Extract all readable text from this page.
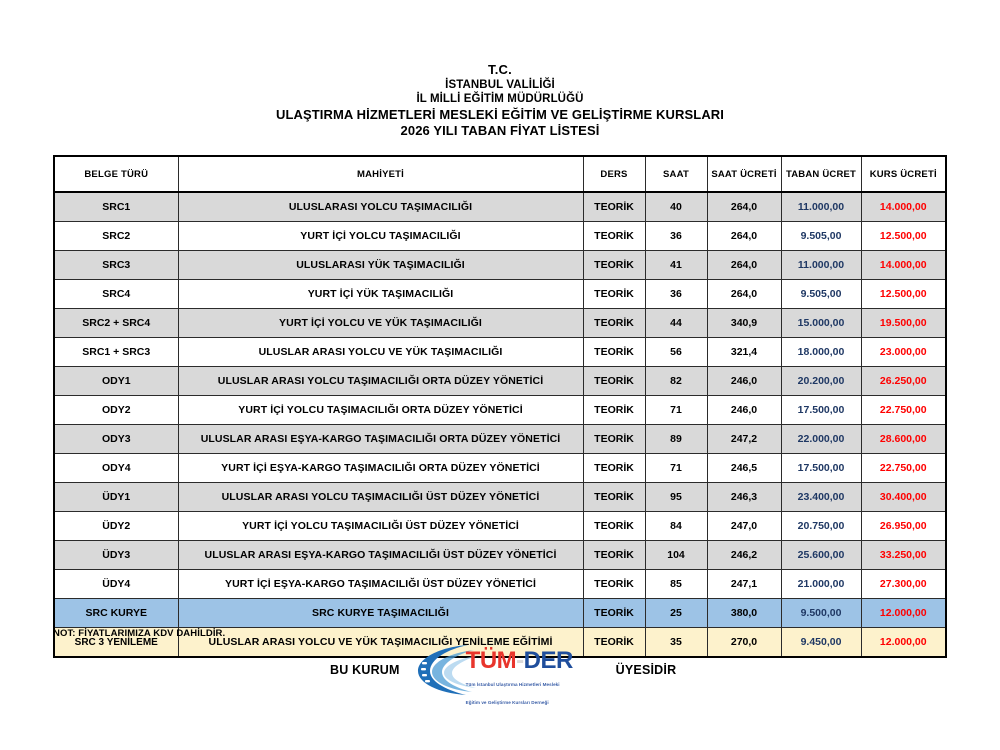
T.C.
İSTANBUL VALİLİĞİ
İL MİLLİ EĞİTİM MÜDÜRLÜĞÜ
ULAŞTIRMA HİZMETLERİ MESLEKİ EĞİTİM VE GELİŞTİRME KURSLARI
2026 YILI TABAN FİYAT LİSTESİ
BELGE TÜRÜ	MAHİYETİ	DERS	SAAT	SAAT ÜCRETİ	TABAN ÜCRET	KURS ÜCRETİ
SRC1	ULUSLARASI YOLCU TAŞIMACILIĞI	TEORİK	40	264,0	11.000,00	14.000,00
SRC2	YURT İÇİ YOLCU TAŞIMACILIĞI	TEORİK	36	264,0	9.505,00	12.500,00
SRC3	ULUSLARASI YÜK TAŞIMACILIĞI	TEORİK	41	264,0	11.000,00	14.000,00
SRC4	YURT İÇİ YÜK TAŞIMACILIĞI	TEORİK	36	264,0	9.505,00	12.500,00
SRC2 + SRC4	YURT İÇİ YOLCU VE YÜK TAŞIMACILIĞI	TEORİK	44	340,9	15.000,00	19.500,00
SRC1 + SRC3	ULUSLAR ARASI YOLCU VE YÜK TAŞIMACILIĞI	TEORİK	56	321,4	18.000,00	23.000,00
ODY1	ULUSLAR ARASI YOLCU TAŞIMACILIĞI ORTA DÜZEY YÖNETİCİ	TEORİK	82	246,0	20.200,00	26.250,00
ODY2	YURT İÇİ YOLCU TAŞIMACILIĞI ORTA DÜZEY YÖNETİCİ	TEORİK	71	246,0	17.500,00	22.750,00
ODY3	ULUSLAR ARASI EŞYA-KARGO TAŞIMACILIĞI ORTA DÜZEY YÖNETİCİ	TEORİK	89	247,2	22.000,00	28.600,00
ODY4	YURT İÇİ EŞYA-KARGO TAŞIMACILIĞI ORTA DÜZEY YÖNETİCİ	TEORİK	71	246,5	17.500,00	22.750,00
ÜDY1	ULUSLAR ARASI YOLCU TAŞIMACILIĞI ÜST DÜZEY YÖNETİCİ	TEORİK	95	246,3	23.400,00	30.400,00
ÜDY2	YURT İÇİ YOLCU TAŞIMACILIĞI ÜST DÜZEY YÖNETİCİ	TEORİK	84	247,0	20.750,00	26.950,00
ÜDY3	ULUSLAR ARASI EŞYA-KARGO TAŞIMACILIĞI ÜST DÜZEY YÖNETİCİ	TEORİK	104	246,2	25.600,00	33.250,00
ÜDY4	YURT İÇİ EŞYA-KARGO TAŞIMACILIĞI ÜST DÜZEY YÖNETİCİ	TEORİK	85	247,1	21.000,00	27.300,00
SRC KURYE	SRC KURYE TAŞIMACILIĞI	TEORİK	25	380,0	9.500,00	12.000,00
SRC 3 YENİLEME	ULUSLAR ARASI YOLCU VE YÜK TAŞIMACILIĞI YENİLEME EĞİTİMİ	TEORİK	35	270,0	9.450,00	12.000,00
NOT: FİYATLARIMIZA KDV DAHİLDİR.
BU KURUM	TÜM-DER Tüm İstanbul Ulaştırma Hizmetleri Mesleki
Eğitim ve Geliştirme Kursları Derneği
ÜYESİDİR
